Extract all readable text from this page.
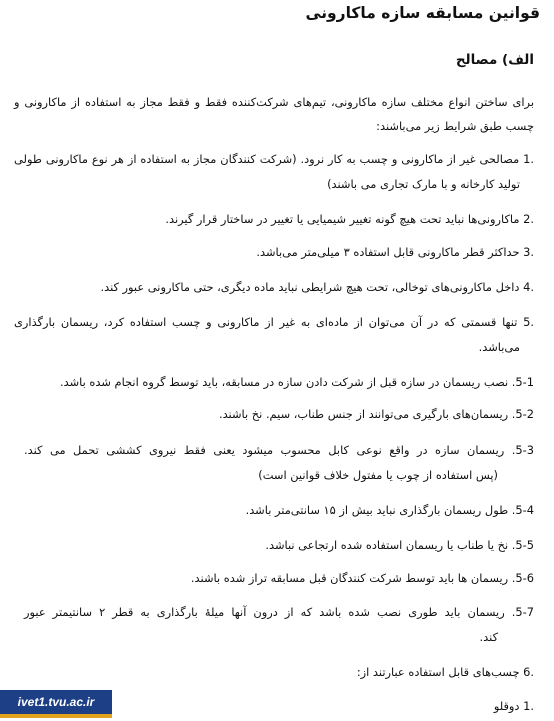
قوانین مسابقه سازه ماکارونی
الف) مصالح
برای ساختن انواع مختلف سازه ماکارونی، تیم‌های شرکت‌کننده فقط و فقط مجاز به استفاده از ماکارونی و
چسب طبق شرایط زیر می‌باشند:
.1 مصالحی غیر از ماکارونی و چسب به کار نرود. (شرکت کنندگان مجاز به استفاده از هر نوع ماکارونی طولی
تولید کارخانه و با مارک تجاری می باشند)
.2 ماکارونی‌ها نباید تحت هیچ گونه تغییر شیمیایی یا تغییر در ساختار قرار گیرند.
.3 حداکثر قطر ماکارونی قابل استفاده ۳ میلی‌متر می‌باشد.
.4 داخل ماکارونی‌های توخالی، تحت هیچ شرایطی نباید ماده دیگری، حتی ماکارونی عبور کند.
.5 تنها قسمتی که در آن می‌توان از ماده‌ای به غیر از ماکارونی و چسب استفاده کرد، ریسمان بارگذاری
می‌باشد.
5-1. نصب ریسمان در سازه قبل از شرکت دادن سازه در مسابقه، باید توسط گروه انجام شده باشد.
5-2. ریسمان‌های بارگیری می‌توانند از جنس طناب، سیم. نخ باشند.
5-3. ریسمان سازه در واقع نوعی کابل محسوب میشود یعنی فقط نیروی کششی تحمل می کند.
(پس استفاده از چوب یا مفتول خلاف قوانین است)
5-4. طول ریسمان بارگذاری نباید بیش از ۱۵ سانتی‌متر باشد.
5-5. نخ یا طناب یا ریسمان استفاده شده ارتجاعی نباشد.
5-6. ریسمان ها باید توسط شرکت کنندگان قبل مسابقه تراز شده باشند.
5-7. ریسمان باید طوری نصب شده باشد که از درون آنها میلهٔ بارگذاری به قطر ۲ سانتیمتر عبور
کند.
.6 چسب‌های قابل استفاده عبارتند از:
.1 دوقلو
ivet1.tvu.ac.ir
